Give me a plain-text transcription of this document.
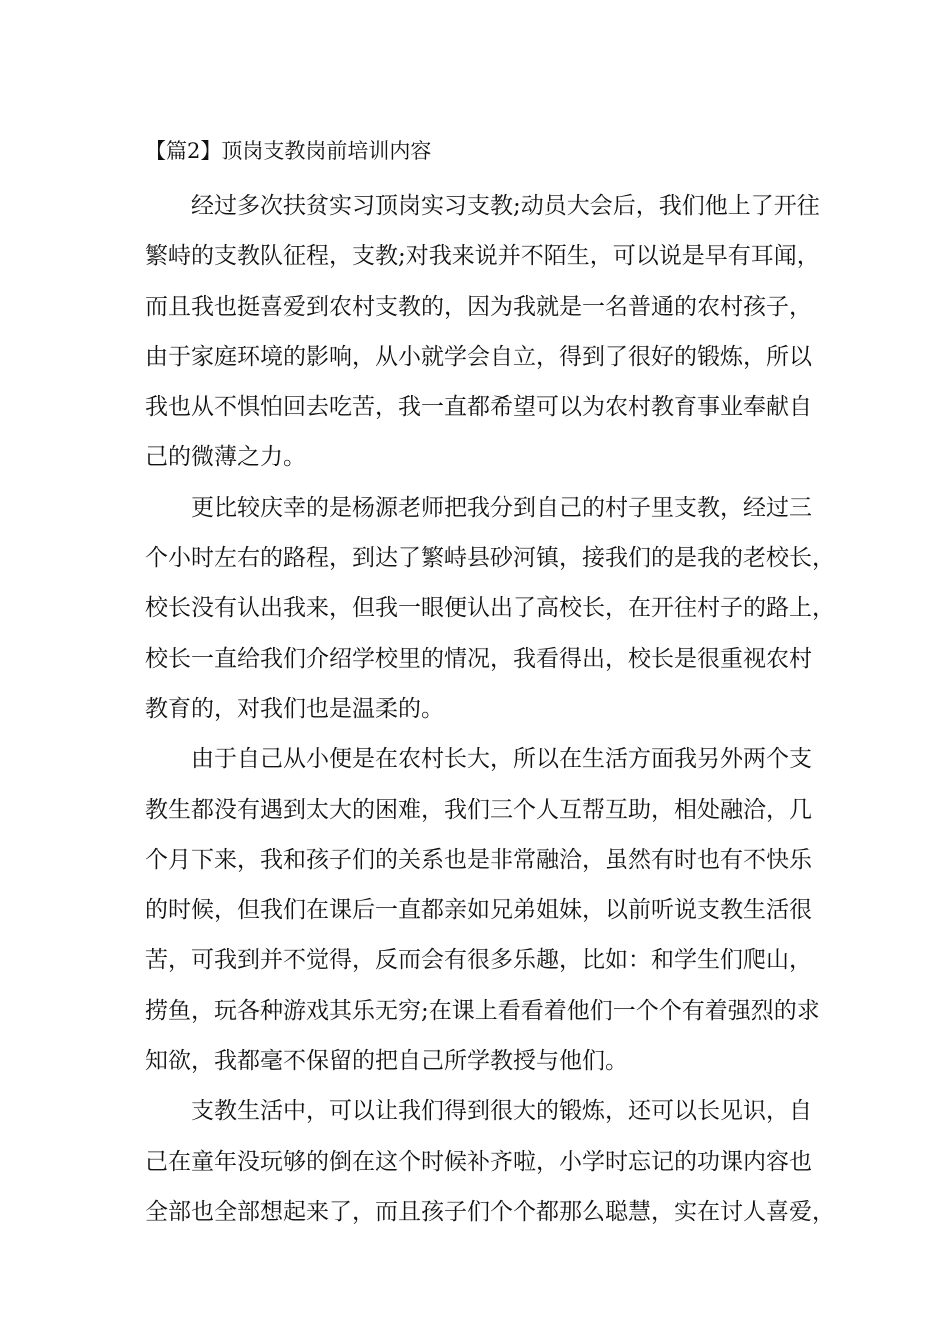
【篇2】顶岗支教岗前培训内容
经过多次扶贫实习顶岗实习支教;动员大会后，我们他上了开往
繁峙的支教队征程，支教;对我来说并不陌生，可以说是早有耳闻，
而且我也挺喜爱到农村支教的，因为我就是一名普通的农村孩子，
由于家庭环境的影响，从小就学会自立，得到了很好的锻炼，所以
我也从不惧怕回去吃苦，我一直都希望可以为农村教育事业奉献自
己的微薄之力。
更比较庆幸的是杨源老师把我分到自己的村子里支教，经过三
个小时左右的路程，到达了繁峙县砂河镇，接我们的是我的老校长，
校长没有认出我来，但我一眼便认出了高校长，在开往村子的路上，
校长一直给我们介绍学校里的情况，我看得出，校长是很重视农村
教育的，对我们也是温柔的。
由于自己从小便是在农村长大，所以在生活方面我另外两个支
教生都没有遇到太大的困难，我们三个人互帮互助，相处融洽，几
个月下来，我和孩子们的关系也是非常融洽，虽然有时也有不快乐
的时候，但我们在课后一直都亲如兄弟姐妹，以前听说支教生活很
苦，可我到并不觉得，反而会有很多乐趣，比如：和学生们爬山，
捞鱼，玩各种游戏其乐无穷;在课上看看着他们一个个有着强烈的求
知欲，我都毫不保留的把自己所学教授与他们。
支教生活中，可以让我们得到很大的锻炼，还可以长见识，自
己在童年没玩够的倒在这个时候补齐啦，小学时忘记的功课内容也
全部也全部想起来了，而且孩子们个个都那么聪慧，实在讨人喜爱，
